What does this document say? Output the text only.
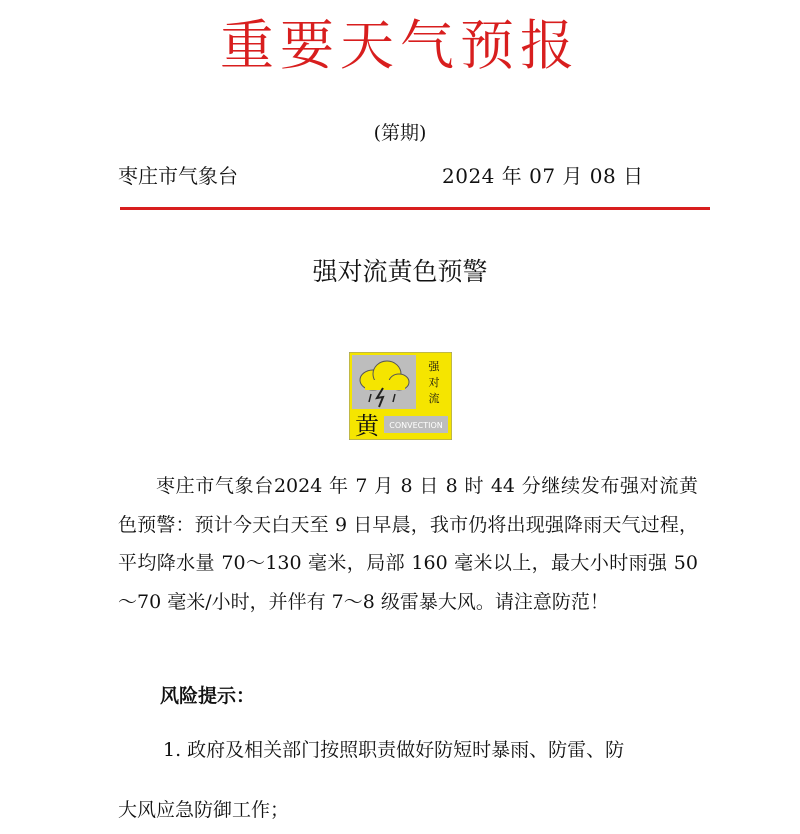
重要天气预报
(第期)
枣庄市气象台	2024 年 07 月 08 日
强对流黄色预警
强
对
流
黄 CONVECTION
枣庄市气象台2024 年 7 月 8 日 8 时 44 分继续发布强对流黄色预警：预计今天白天至 9 日早晨，我市仍将出现强降雨天气过程，平均降水量 70～130 毫米，局部 160 毫米以上，最大小时雨强 50～70 毫米/小时，并伴有 7～8 级雷暴大风。请注意防范！
风险提示：
1. 政府及相关部门按照职责做好防短时暴雨、防雷、防
大风应急防御工作；
